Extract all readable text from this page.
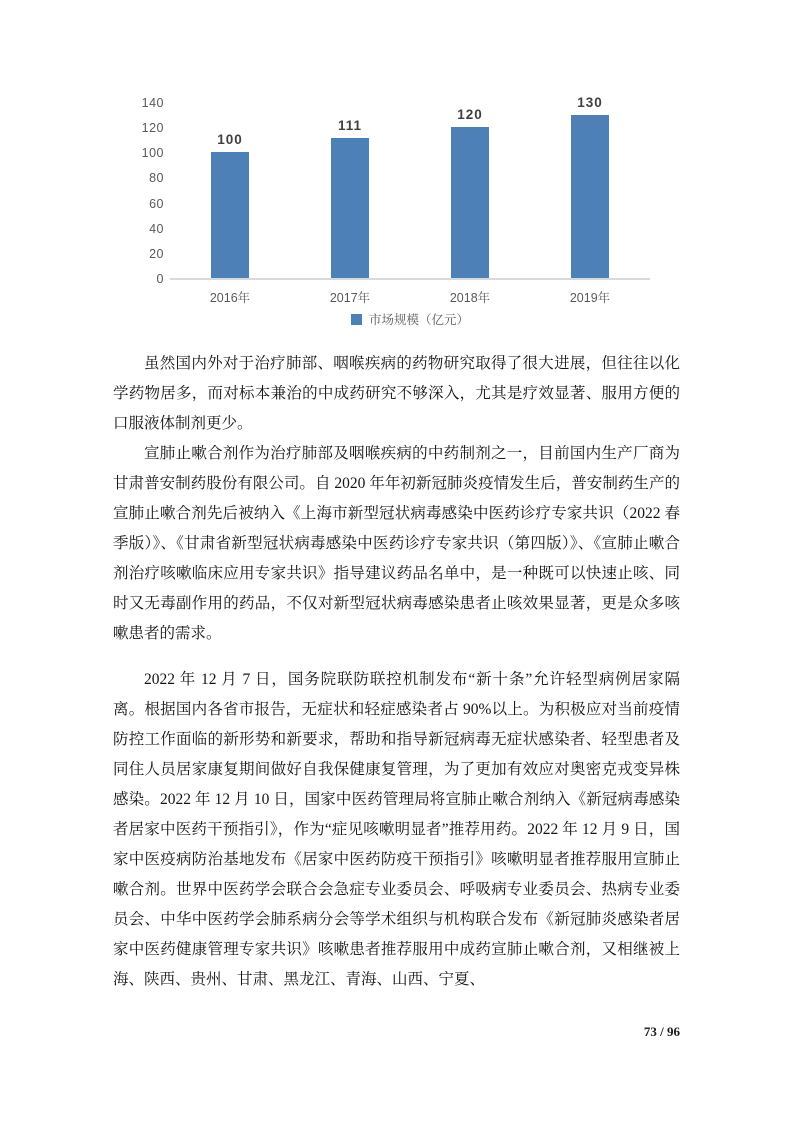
100
111
120
130
0
20
40
60
80
100
120
140
2016年	2017年	2018年	2019年
市场规模（亿元）

虽然国内外对于治疗肺部、咽喉疾病的药物研究取得了很大进展，但往往以化学药物居多，而对标本兼治的中成药研究不够深入，尤其是疗效显著、服用方便的口服液体制剂更少。

宣肺止嗽合剂作为治疗肺部及咽喉疾病的中药制剂之一，目前国内生产厂商为甘肃普安制药股份有限公司。自 2020 年年初新冠肺炎疫情发生后，普安制药生产的宣肺止嗽合剂先后被纳入《上海市新型冠状病毒感染中医药诊疗专家共识（2022 春季版）》、《甘肃省新型冠状病毒感染中医药诊疗专家共识（第四版）》、《宣肺止嗽合剂治疗咳嗽临床应用专家共识》指导建议药品名单中，是一种既可以快速止咳、同时又无毒副作用的药品，不仅对新型冠状病毒感染患者止咳效果显著，更是众多咳嗽患者的需求。

2022 年 12 月 7 日，国务院联防联控机制发布“新十条”允许轻型病例居家隔离。根据国内各省市报告，无症状和轻症感染者占 90%以上。为积极应对当前疫情防控工作面临的新形势和新要求，帮助和指导新冠病毒无症状感染者、轻型患者及同住人员居家康复期间做好自我保健康复管理，为了更加有效应对奥密克戎变异株感染。2022 年 12 月 10 日，国家中医药管理局将宣肺止嗽合剂纳入《新冠病毒感染者居家中医药干预指引》，作为“症见咳嗽明显者”推荐用药。2022 年 12 月 9 日，国家中医疫病防治基地发布《居家中医药防疫干预指引》咳嗽明显者推荐服用宣肺止嗽合剂。世界中医药学会联合会急症专业委员会、呼吸病专业委员会、热病专业委员会、中华中医药学会肺系病分会等学术组织与机构联合发布《新冠肺炎感染者居家中医药健康管理专家共识》咳嗽患者推荐服用中成药宣肺止嗽合剂，又相继被上海、陕西、贵州、甘肃、黑龙江、青海、山西、宁夏、

73 / 96
